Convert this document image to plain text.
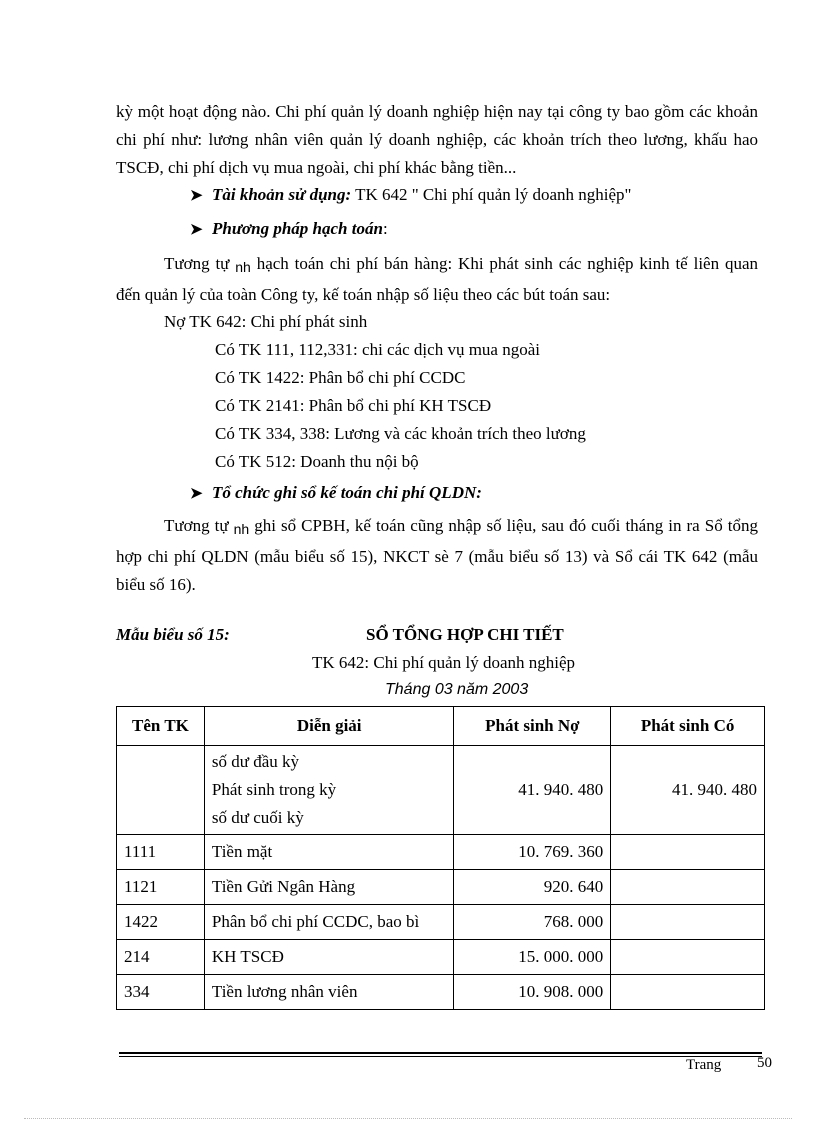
kỳ một hoạt động nào. Chi phí quản lý doanh nghiệp hiện nay tại công ty bao gồm các khoản chi phí như: lương nhân viên quản lý doanh nghiệp, các khoản trích theo lương, khấu hao TSCĐ, chi phí dịch vụ mua ngoài, chi phí khác bằng tiền...

➤ Tài khoản sử dụng: TK 642 " Chi phí quản lý doanh nghiệp"
➤ Phương pháp hạch toán:

Tương tự $_{nh}$ hạch toán chi phí bán hàng: Khi phát sinh các nghiệp kinh tế liên quan đến quản lý của toàn Công ty, kế toán nhập số liệu theo các bút toán sau:

Nợ TK 642: Chi phí phát sinh
Có TK 111, 112,331: chi các dịch vụ mua ngoài
Có TK 1422: Phân bổ chi phí CCDC
Có TK 2141: Phân bổ chi phí KH TSCĐ
Có TK 334, 338: Lương và các khoản trích theo lương
Có TK 512: Doanh thu nội bộ
➤ Tổ chức ghi sổ kế toán chi phí QLDN:

Tương tự $_{nh}$ ghi sổ CPBH, kế toán cũng nhập số liệu, sau đó cuối tháng in ra Sổ tổng hợp chi phí QLDN (mẫu biểu số 15), NKCT sè 7 (mẫu biểu số 13) và Sổ cái TK 642 (mẫu biểu số 16).

Mẫu biểu số 15:	SỔ TỔNG HỢP CHI TIẾT
TK 642: Chi phí quản lý doanh nghiệp
Tháng 03 năm 2003
Tên TK	Diễn giải	Phát sinh Nợ	Phát sinh Có

	số dư đầu kỳ
Phát sinh trong kỳ
số dư cuối kỳ	41. 940. 480	41. 940. 480
1111	Tiền mặt	10. 769. 360	
1121	Tiền Gửi Ngân Hàng	920. 640	
1422	Phân bổ chi phí CCDC, bao bì	768. 000	
214	KH TSCĐ	15. 000. 000	
334	Tiền lương nhân viên	10. 908. 000	
Trang 50
